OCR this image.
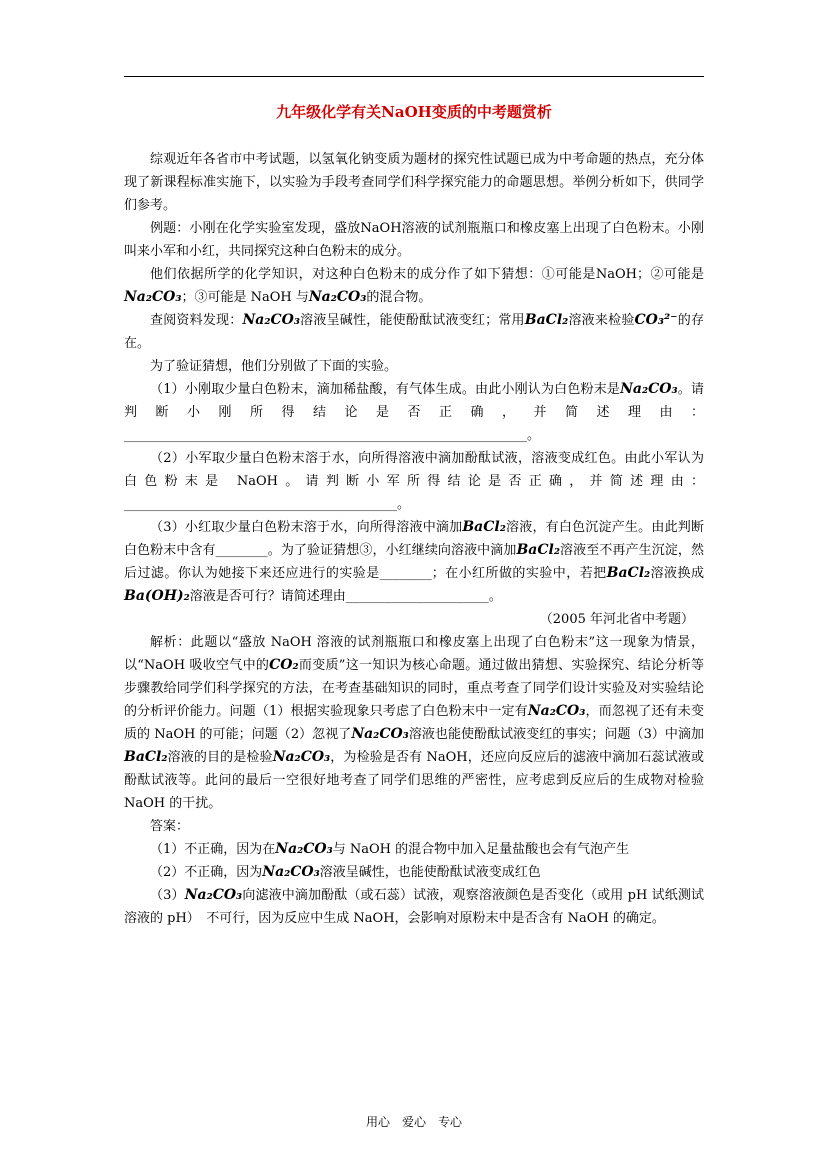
九年级化学有关NaOH变质的中考题赏析

综观近年各省市中考试题，以氢氧化钠变质为题材的探究性试题已成为中考命题的热点，充分体现了新课程标准实施下，以实验为手段考查同学们科学探究能力的命题思想。举例分析如下，供同学们参考。

例题：小刚在化学实验室发现，盛放NaOH溶液的试剂瓶瓶口和橡皮塞上出现了白色粉末。小刚叫来小军和小红，共同探究这种白色粉末的成分。

他们依据所学的化学知识，对这种白色粉末的成分作了如下猜想：①可能是NaOH；②可能是Na₂CO₃；③可能是 NaOH 与Na₂CO₃的混合物。

查阅资料发现：Na₂CO₃溶液呈碱性，能使酚酞试液变红；常用BaCl₂溶液来检验CO₃²⁻的存在。

为了验证猜想，他们分别做了下面的实验。

（1）小刚取少量白色粉末，滴加稀盐酸，有气体生成。由此小刚认为白色粉末是Na₂CO₃。请判断小刚所得结论是否正确，并简述理由：______________________________________________________________。

（2）小军取少量白色粉末溶于水，向所得溶液中滴加酚酞试液，溶液变成红色。由此小军认为白色粉末是 NaOH。请判断小军所得结论是否正确，并简述理由：__________________________________________。

（3）小红取少量白色粉末溶于水，向所得溶液中滴加BaCl₂溶液，有白色沉淀产生。由此判断白色粉末中含有________。为了验证猜想③，小红继续向溶液中滴加BaCl₂溶液至不再产生沉淀，然后过滤。你认为她接下来还应进行的实验是________；在小红所做的实验中，若把BaCl₂溶液换成Ba(OH)₂溶液是否可行？请简述理由______________________。

（2005 年河北省中考题）

解析：此题以“盛放 NaOH 溶液的试剂瓶瓶口和橡皮塞上出现了白色粉末”这一现象为情景，以“NaOH 吸收空气中的CO₂而变质”这一知识为核心命题。通过做出猜想、实验探究、结论分析等步骤教给同学们科学探究的方法，在考查基础知识的同时，重点考查了同学们设计实验及对实验结论的分析评价能力。问题（1）根据实验现象只考虑了白色粉末中一定有Na₂CO₃，而忽视了还有未变质的 NaOH 的可能；问题（2）忽视了Na₂CO₃溶液也能使酚酞试液变红的事实；问题（3）中滴加BaCl₂溶液的目的是检验Na₂CO₃，为检验是否有 NaOH，还应向反应后的滤液中滴加石蕊试液或酚酞试液等。此问的最后一空很好地考查了同学们思维的严密性，应考虑到反应后的生成物对检验 NaOH 的干扰。

答案：

（1）不正确，因为在Na₂CO₃与 NaOH 的混合物中加入足量盐酸也会有气泡产生

（2）不正确，因为Na₂CO₃溶液呈碱性，也能使酚酞试液变成红色

（3）Na₂CO₃向滤液中滴加酚酞（或石蕊）试液，观察溶液颜色是否变化（或用 pH 试纸测试溶液的 pH）　不可行，因为反应中生成 NaOH，会影响对原粉末中是否含有 NaOH 的确定。

用心　爱心　专心
